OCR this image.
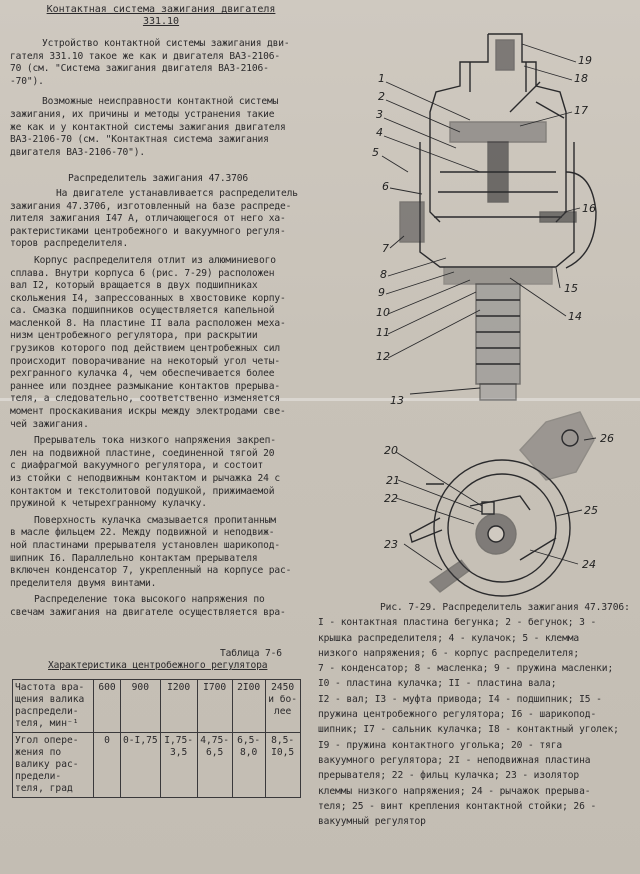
Контактная система зажигания двигателя

331.10

Устройство контактной системы зажигания дви-

гателя 331.10 такое же как и двигателя ВАЗ-2106-

70 (см. "Система зажигания двигателя ВАЗ-2106-

-70").

Возможные неисправности контактной системы

зажигания, их причины и методы устранения такие

же как и у контактной системы зажигания двигателя

ВАЗ-2106-70 (см. "Контактная система зажигания

двигателя ВАЗ-2106-70").

Распределитель зажигания 47.3706

На двигателе устанавливается распределитель

зажигания 47.3706, изготовленный на базе распреде-

лителя зажигания I47 А, отличающегося от него ха-

рактеристиками центробежного и вакуумного регуля-

торов распределителя.

Корпус распределителя отлит из алюминиевого

сплава. Внутри корпуса 6 (рис. 7-29) расположен

вал I2, который вращается в двух подшипниках

скольжения I4, запрессованных в хвостовике корпу-

са. Смазка подшипников осуществляется капельной

масленкой 8. На пластине II вала расположен меха-

низм центробежного регулятора, при раскрытии

грузиков которого под действием центробежных сил

происходит поворачивание на некоторый угол четы-

рехгранного кулачка 4, чем обеспечивается более

раннее или позднее размыкание контактов прерыва-

теля, а следовательно, соответственно изменяется

момент проскакивания искры между электродами све-

чей зажигания.

Прерыватель тока низкого напряжения закреп-

лен на подвижной пластине, соединенной тягой 20

с диафрагмой вакуумного регулятора, и состоит

из стойки с неподвижным контактом и рычажка 24 с

контактом и текстолитовой подушкой, прижимаемой

пружиной к четырехгранному кулачку.

Поверхность кулачка смазывается пропитанным

в масле фильцем 22. Между подвижной и неподвиж-

ной пластинами прерывателя установлен шарикопод-

шипник I6. Параллельно контактам прерывателя

включен конденсатор 7, укрепленный на корпусе рас-

пределителя двумя винтами.

Распределение тока высокого напряжения по

свечам зажигания на двигателе осуществляется вра-

Таблица 7-6

Характеристика центробежного регулятора

Частота вра-
щения валика
распредели-
теля, мин⁻¹	600	900	I200	I700	2I00	2450
и бо-
лее
Угол опере-
жения по
валику рас-
предели-
теля, град	0	0-I,75	I,75-
3,5	4,75-
6,5	6,5-
8,0	8,5-
I0,5
1
2
3
4
5
6
7
8
9
10
11
12
13
14
15
16
17
18
19
20
21
22
23
24
25
26

Рис. 7-29. Распределитель зажигания 47.3706:

I - контактная пластина бегунка; 2 - бегунок; 3 -

крышка распределителя; 4 - кулачок; 5 - клемма

низкого напряжения; 6 - корпус распределителя;

7 - конденсатор; 8 - масленка; 9 - пружина масленки;

I0 - пластина кулачка; II - пластина вала;

I2 - вал; I3 - муфта привода; I4 - подшипник; I5 -

пружина центробежного регулятора; I6 - шарикопод-

шипник; I7 - сальник кулачка; I8 - контактный уголек;

I9 - пружина контактного уголька; 20 - тяга

вакуумного регулятора; 2I - неподвижная пластина

прерывателя; 22 - фильц кулачка; 23 - изолятор

клеммы низкого напряжения; 24 - рычажок прерыва-

теля; 25 - винт крепления контактной стойки; 26 -

вакуумный регулятор
